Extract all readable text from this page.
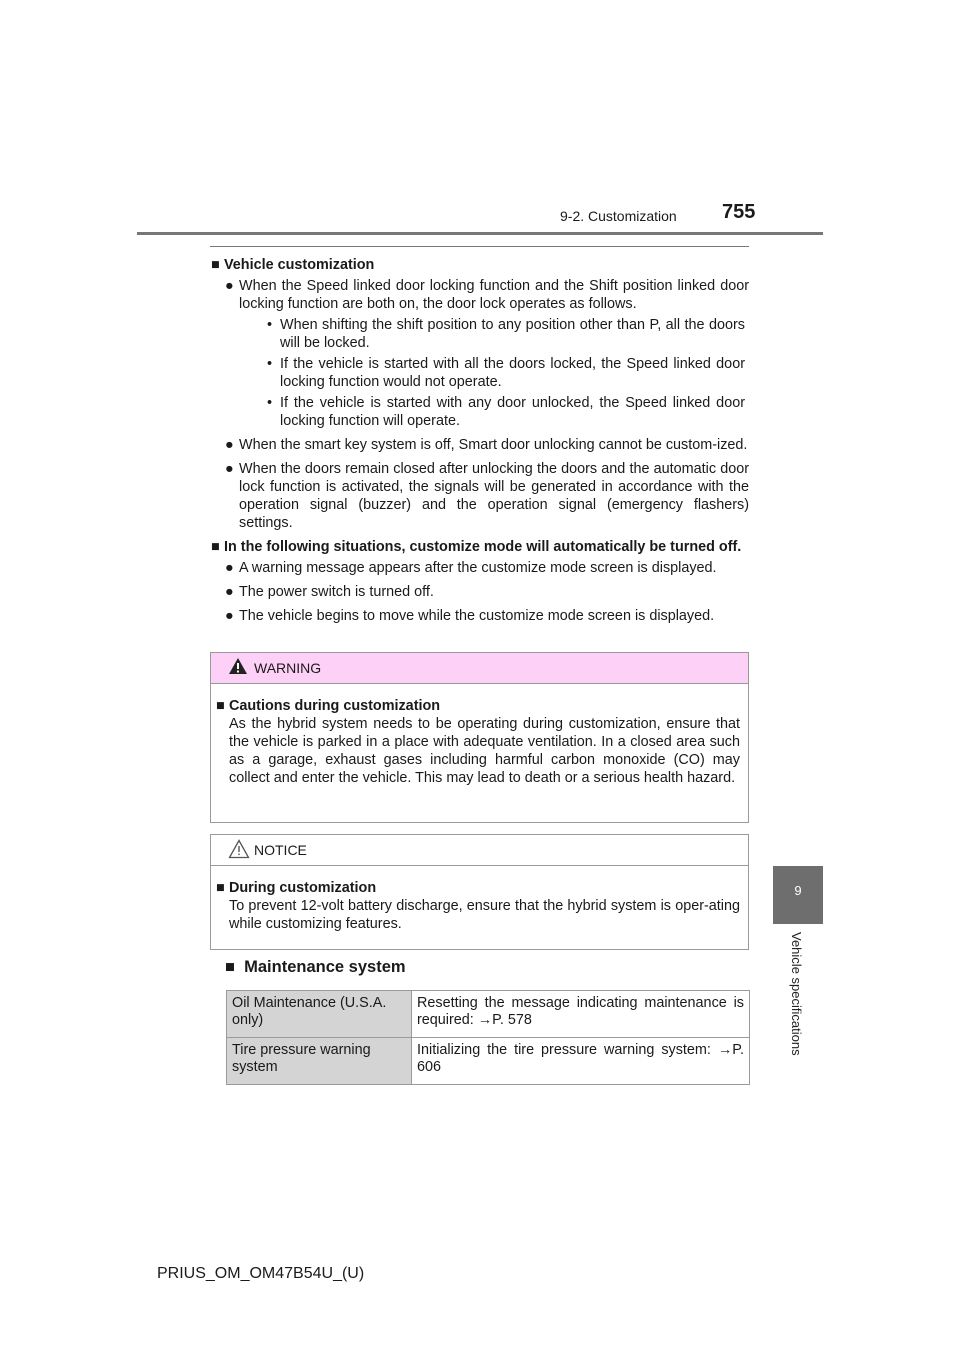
9-2. Customization 755
9
Vehicle specifications
■ Vehicle customization
● When the Speed linked door locking function and the Shift position linked door locking function are both on, the door lock operates as follows.
• When shifting the shift position to any position other than P, all the doors will be locked.
• If the vehicle is started with all the doors locked, the Speed linked door locking function would not operate.
• If the vehicle is started with any door unlocked, the Speed linked door locking function will operate.
● When the smart key system is off, Smart door unlocking cannot be custom-ized.
● When the doors remain closed after unlocking the doors and the automatic door lock function is activated, the signals will be generated in accordance with the operation signal (buzzer) and the operation signal (emergency flashers) settings.
■ In the following situations, customize mode will automatically be turned off.
● A warning message appears after the customize mode screen is displayed.
● The power switch is turned off.
● The vehicle begins to move while the customize mode screen is displayed.
WARNING
■ Cautions during customization
As the hybrid system needs to be operating during customization, ensure that the vehicle is parked in a place with adequate ventilation. In a closed area such as a garage, exhaust gases including harmful carbon monoxide (CO) may collect and enter the vehicle. This may lead to death or a serious health hazard.
NOTICE
■ During customization
To prevent 12-volt battery discharge, ensure that the hybrid system is oper-ating while customizing features.
■ Maintenance system
Oil Maintenance (U.S.A. only)	Resetting the message indicating maintenance is required: →P. 578
Tire pressure warning system	Initializing the tire pressure warning system: →P. 606
PRIUS_OM_OM47B54U_(U)
